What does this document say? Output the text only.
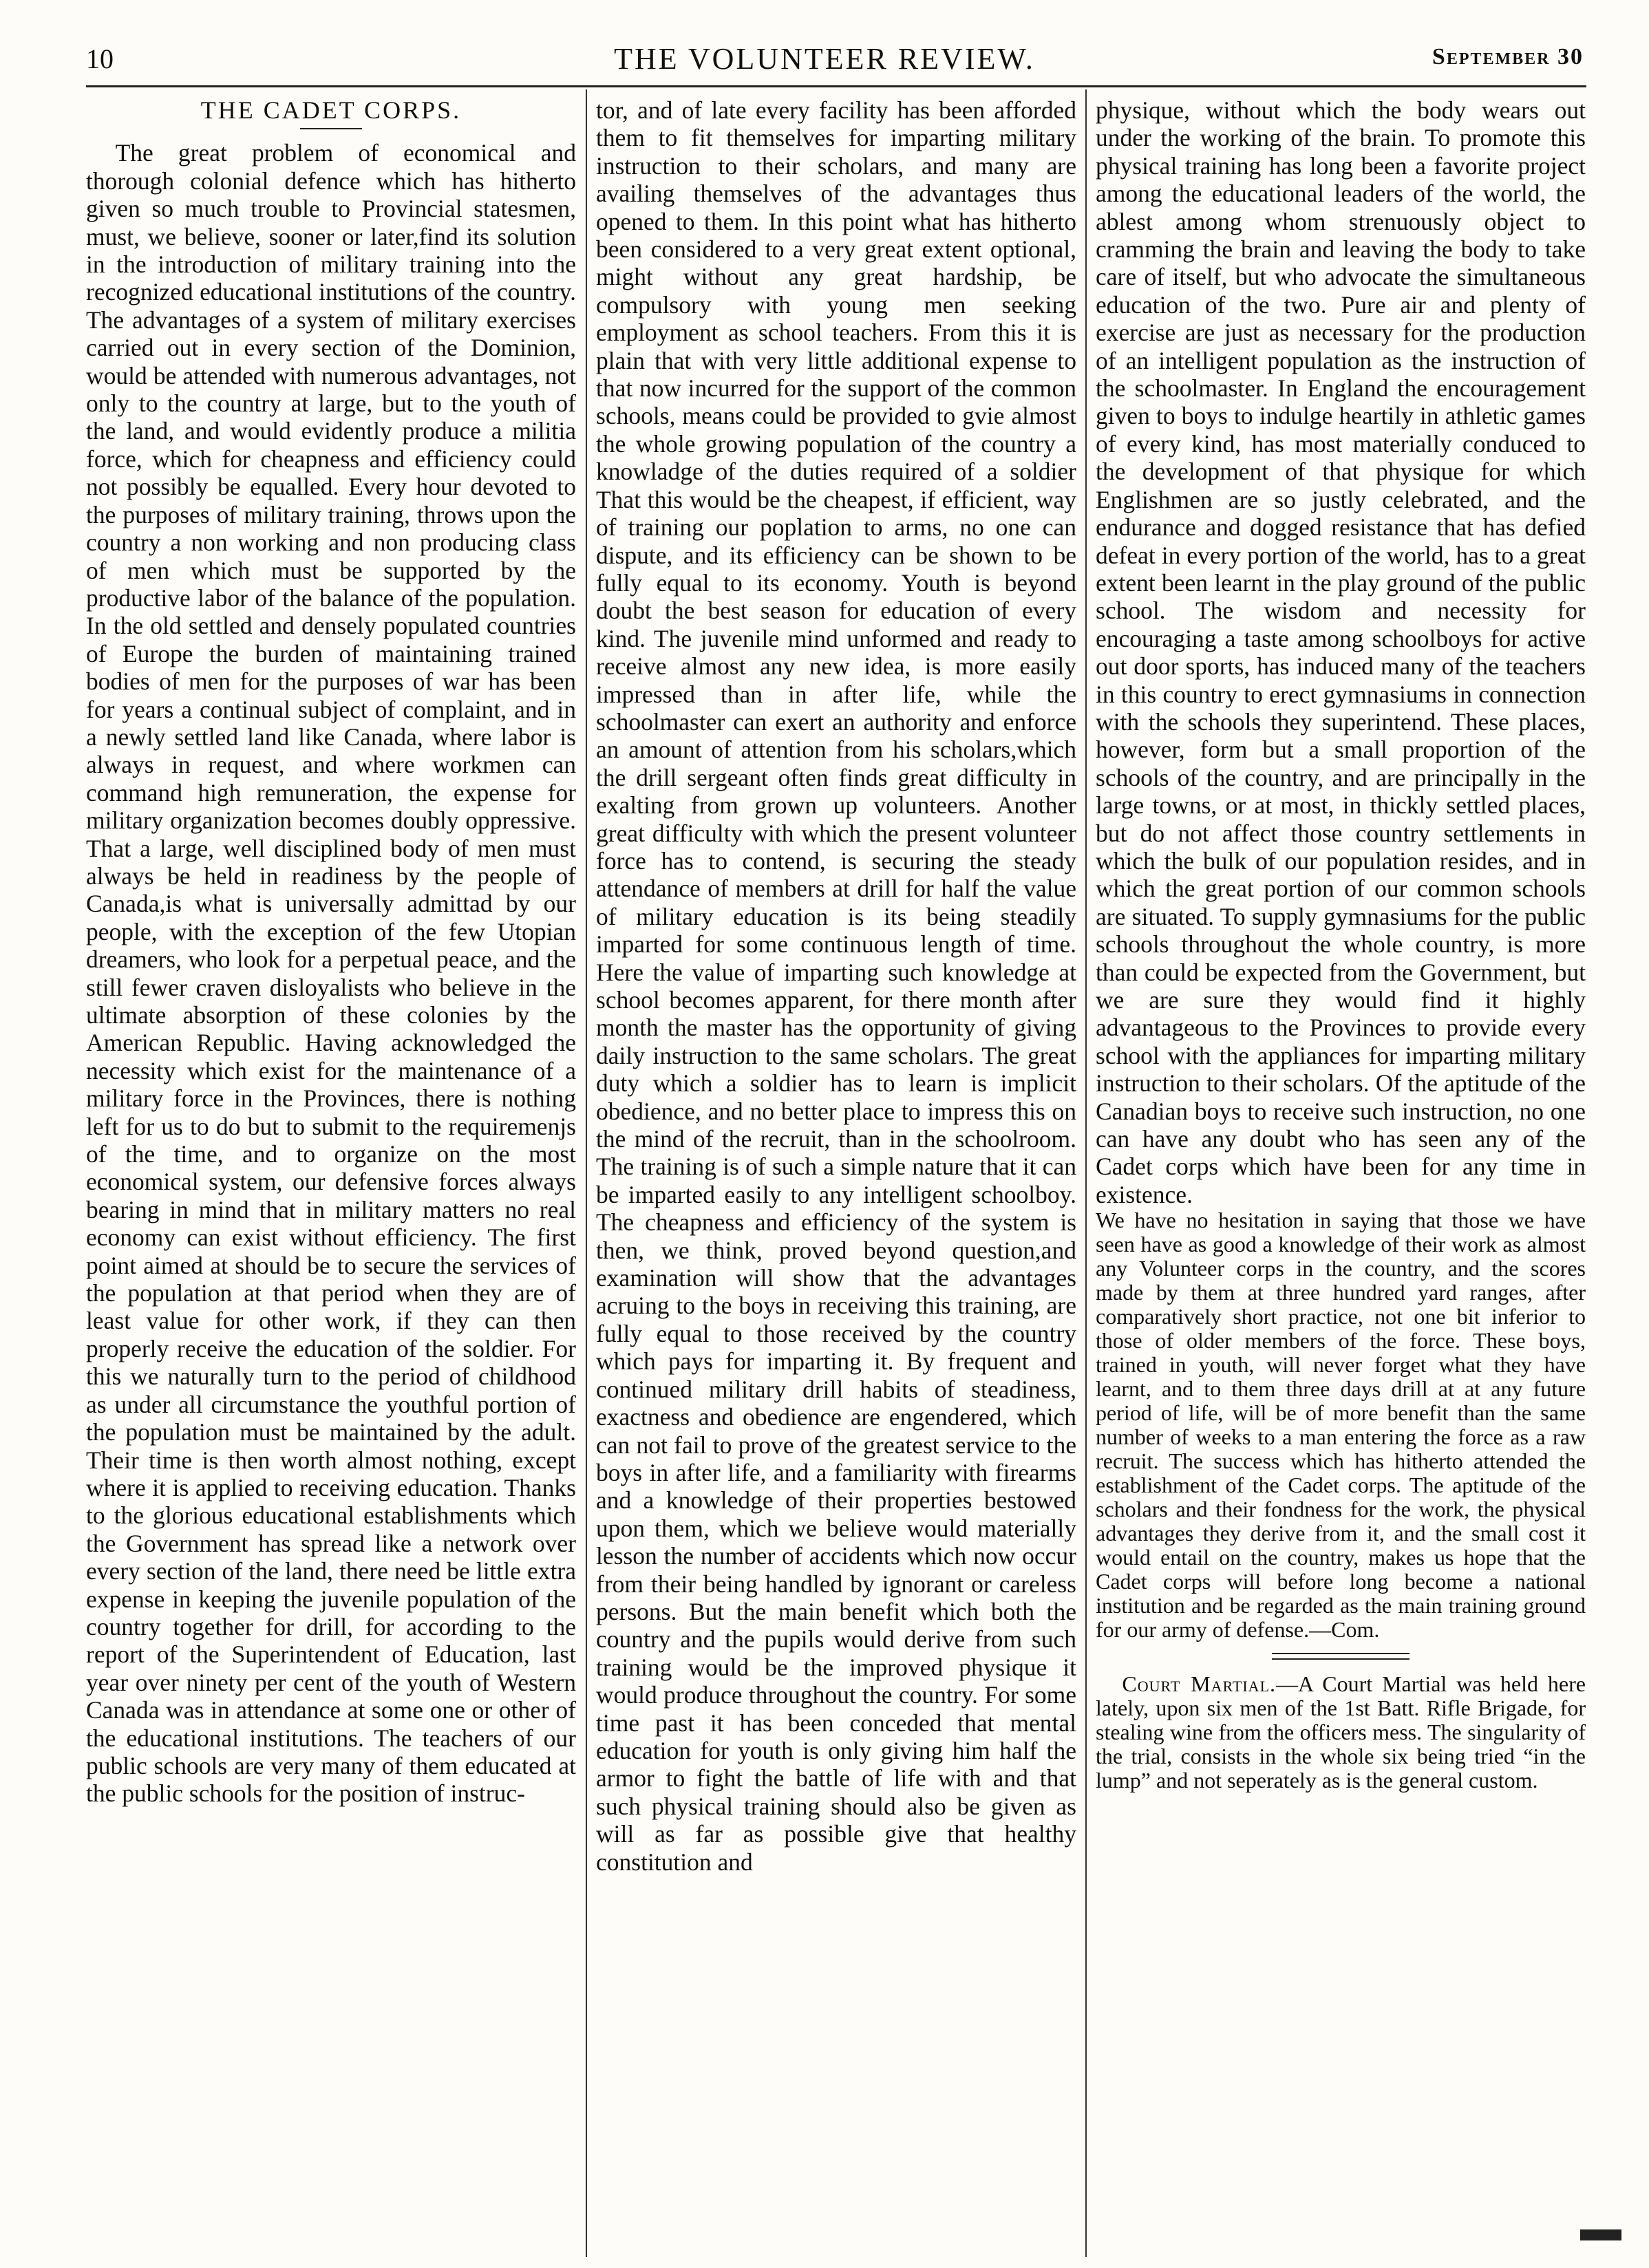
10	THE VOLUNTEER REVIEW.	September 30
THE CADET CORPS.

The great problem of economical and thorough colonial defence which has hitherto given so much trouble to Provincial statesmen, must, we believe, sooner or later,find its solution in the introduction of military training into the recognized educational institutions of the country. The advantages of a system of military exercises carried out in every section of the Dominion, would be attended with numerous advantages, not only to the country at large, but to the youth of the land, and would evidently produce a militia force, which for cheapness and efficiency could not possibly be equalled. Every hour devoted to the purposes of military training, throws upon the country a non working and non producing class of men which must be supported by the productive labor of the balance of the population. In the old settled and densely populated countries of Europe the burden of maintaining trained bodies of men for the purposes of war has been for years a continual subject of complaint, and in a newly settled land like Canada, where labor is always in request, and where workmen can command high remuneration, the expense for military organization becomes doubly oppressive. That a large, well disciplined body of men must always be held in readiness by the people of Canada,is what is universally admittad by our people, with the exception of the few Utopian dreamers, who look for a perpetual peace, and the still fewer craven disloyalists who believe in the ultimate absorption of these colonies by the American Republic. Having acknowledged the necessity which exist for the maintenance of a military force in the Provinces, there is nothing left for us to do but to submit to the requiremenјs of the time, and to organize on the most economical system, our defensive forces always bearing in mind that in military matters no real economy can exist without efficiency. The first point aimed at should be to secure the services of the population at that period when they are of least value for other work, if they can then properly receive the education of the soldier. For this we naturally turn to the period of childhood as under all circumstance the youthful portion of the population must be maintained by the adult. Their time is then worth almost nothing, except where it is applied to receiving education. Thanks to the glorious educational establishments which the Government has spread like a network over every section of the land, there need be little extra expense in keeping the juvenile population of the country together for drill, for according to the report of the Superintendent of Education, last year over ninety per cent of the youth of Western Canada was in attendance at some one or other of the educational institutions. The teachers of our public schools are very many of them educated at the public schools for the position of instruc-

tor, and of late every facility has been afforded them to fit themselves for imparting military instruction to their scholars, and many are availing themselves of the advantages thus opened to them. In this point what has hitherto been considered to a very great extent optional, might without any great hardship, be compulsory with young men seeking employment as school teachers. From this it is plain that with very little additional expense to that now incurred for the support of the common schools, means could be provided to gvie almost the whole growing population of the country a knowladge of the duties required of a soldier That this would be the cheapest, if efficient, way of training our poplation to arms, no one can dispute, and its efficiency can be shown to be fully equal to its economy. Youth is beyond doubt the best season for education of every kind. The juvenile mind unformed and ready to receive almost any new idea, is more easily impressed than in after life, while the schoolmaster can exert an authority and enforce an amount of attention from his scholars,which the drill sergeant often finds great difficulty in exalting from grown up volunteers. Another great difficulty with which the present volunteer force has to contend, is securing the steady attendance of members at drill for half the value of military education is its being steadily imparted for some continuous length of time. Here the value of imparting such knowledge at school becomes apparent, for there month after month the master has the opportunity of giving daily instruction to the same scholars. The great duty which a soldier has to learn is implicit obedience, and no better place to impress this on the mind of the recruit, than in the schoolroom. The training is of such a simple nature that it can be imparted easily to any intelligent schoolboy. The cheapness and efficiency of the system is then, we think, proved beyond question,and examination will show that the advantages acruing to the boys in receiving this training, are fully equal to those received by the country which pays for imparting it. By frequent and continued military drill habits of steadiness, exactness and obedience are engendered, which can not fail to prove of the greatest service to the boys in after life, and a familiarity with firearms and a knowledge of their properties bestowed upon them, which we believe would materially lesson the number of accidents which now occur from their being handled by ignorant or careless persons. But the main benefit which both the country and the pupils would derive from such training would be the improved physique it would produce throughout the country. For some time past it has been conceded that mental education for youth is only giving him half the armor to fight the battle of life with and that such physical training should also be given as will as far as possible give that healthy constitution and

physique, without which the body wears out under the working of the brain. To promote this physical training has long been a favorite project among the educational leaders of the world, the ablest among whom strenuously object to cramming the brain and leaving the body to take care of itself, but who advocate the simultaneous education of the two. Pure air and plenty of exercise are just as necessary for the production of an intelligent population as the instruction of the schoolmaster. In England the encouragement given to boys to indulge heartily in athletic games of every kind, has most materially conduced to the development of that physique for which Englishmen are so justly celebrated, and the endurance and dogged resistance that has defied defeat in every portion of the world, has to a great extent been learnt in the play ground of the public school. The wisdom and necessity for encouraging a taste among schoolboys for active out door sports, has induced many of the teachers in this country to erect gymnasiums in connection with the schools they superintend. These places, however, form but a small proportion of the schools of the country, and are principally in the large towns, or at most, in thickly settled places, but do not affect those country settlements in which the bulk of our population resides, and in which the great portion of our common schools are situated. To supply gymnasiums for the public schools throughout the whole country, is more than could be expected from the Government, but we are sure they would find it highly advantageous to the Provinces to provide every school with the appliances for imparting military instruction to their scholars. Of the aptitude of the Canadian boys to receive such instruction, no one can have any doubt who has seen any of the Cadet corps which have been for any time in existence.

We have no hesitation in saying that those we have seen have as good a knowledge of their work as almost any Volunteer corps in the country, and the scores made by them at three hundred yard ranges, after comparatively short practice, not one bit inferior to those of older members of the force. These boys, trained in youth, will never forget what they have learnt, and to them three days drill at at any future period of life, will be of more benefit than the same number of weeks to a man entering the force as a raw recruit. The success which has hitherto attended the establishment of the Cadet corps. The aptitude of the scholars and their fondness for the work, the physical advantages they derive from it, and the small cost it would entail on the country, makes us hope that the Cadet corps will before long become a national institution and be regarded as the main training ground for our army of defense.—Com.

Court Martial.—A Court Martial was held here lately, upon six men of the 1st Batt. Rifle Brigade, for stealing wine from the officers mess. The singularity of the trial, consists in the whole six being tried “in the lump” and not seperately as is the general custom.
